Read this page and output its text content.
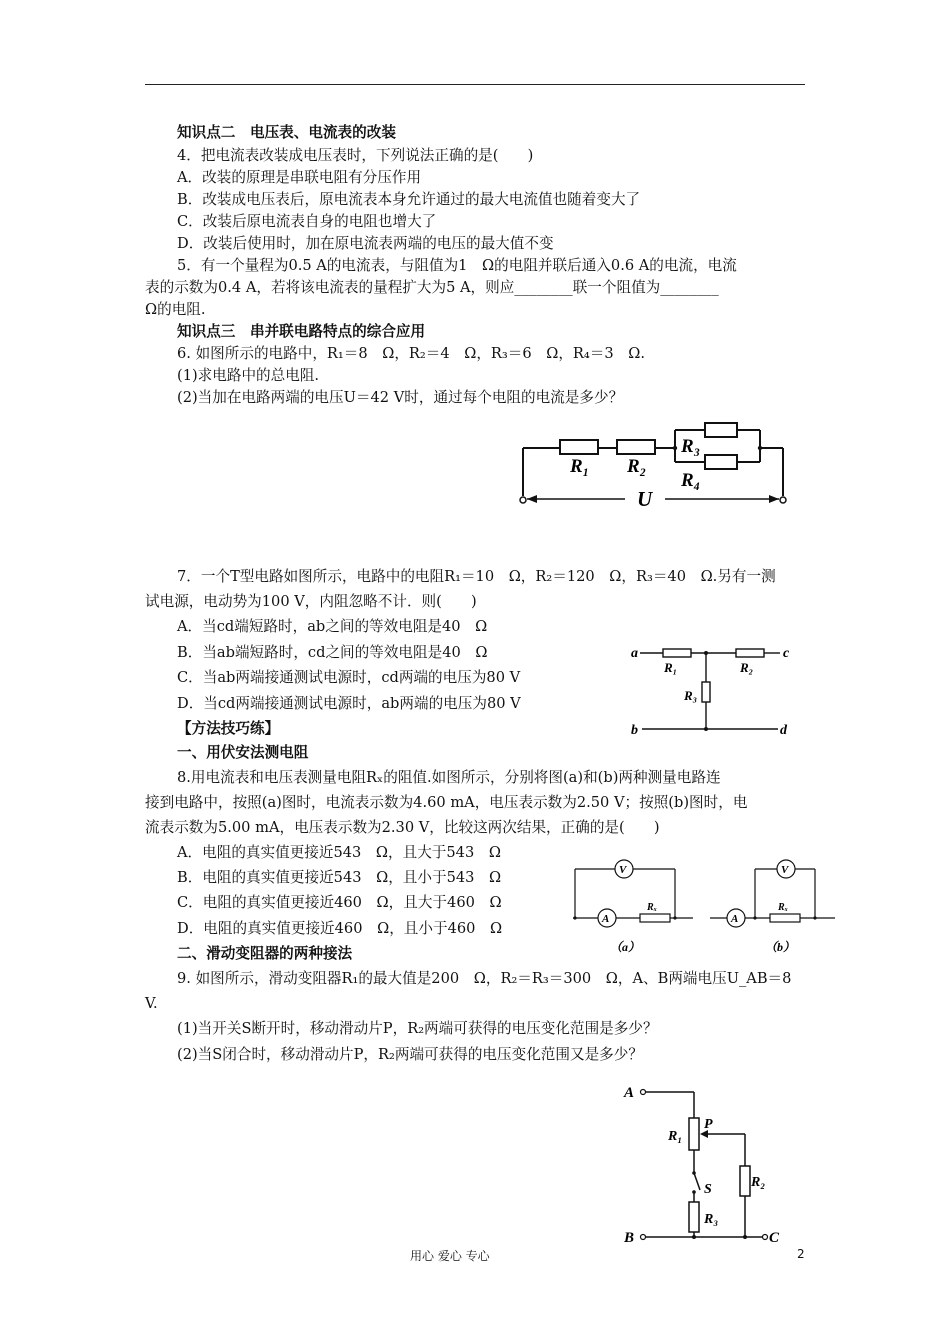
知识点二　电压表、电流表的改装
4．把电流表改装成电压表时，下列说法正确的是(　　)
A．改装的原理是串联电阻有分压作用
B．改装成电压表后，原电流表本身允许通过的最大电流值也随着变大了
C．改装后原电流表自身的电阻也增大了
D．改装后使用时，加在原电流表两端的电压的最大值不变
5．有一个量程为0.5 A的电流表，与阻值为1　Ω的电阻并联后通入0.6 A的电流，电流
表的示数为0.4 A，若将该电流表的量程扩大为5 A，则应________联一个阻值为________
Ω的电阻.
知识点三　串并联电路特点的综合应用
6. 如图所示的电路中，R₁＝8　Ω，R₂＝4　Ω，R₃＝6　Ω，R₄＝3　Ω.
(1)求电路中的总电阻.
(2)当加在电路两端的电压U＝42 V时，通过每个电阻的电流是多少？
R₁ R₂
R₃
R₄
U
7．一个T型电路如图所示，电路中的电阻R₁＝10　Ω，R₂＝120　Ω，R₃＝40　Ω.另有一测
试电源，电动势为100 V，内阻忽略不计．则(　　)
A．当cd端短路时，ab之间的等效电阻是40　Ω
B．当ab端短路时，cd之间的等效电阻是40　Ω
C．当ab两端接通测试电源时，cd两端的电压为80 V
D．当cd两端接通测试电源时，ab两端的电压为80 V
a	c
b	d
R₁	R₂
R₃
【方法技巧练】
一、用伏安法测电阻
8.用电流表和电压表测量电阻Rₓ的阻值.如图所示，分别将图(a)和(b)两种测量电路连
接到电路中，按照(a)图时，电流表示数为4.60 mA，电压表示数为2.50 V；按照(b)图时，电
流表示数为5.00 mA，电压表示数为2.30 V，比较这两次结果，正确的是(　　)
A．电阻的真实值更接近543　Ω，且大于543　Ω
B．电阻的真实值更接近543　Ω，且小于543　Ω
C．电阻的真实值更接近460　Ω，且大于460　Ω
D．电阻的真实值更接近460　Ω，且小于460　Ω
V
A
Rₓ
V
A
Rₓ
（a）	（b）
二、滑动变阻器的两种接法
9. 如图所示，滑动变阻器R₁的最大值是200　Ω，R₂＝R₃＝300　Ω，A、B两端电压U_AB＝8
V.
(1)当开关S断开时，移动滑动片P，R₂两端可获得的电压变化范围是多少？
(2)当S闭合时，移动滑动片P，R₂两端可获得的电压变化范围又是多少？
A
B	C
P
S
R₁
R₂
R₃
用心 爱心 专心	2
